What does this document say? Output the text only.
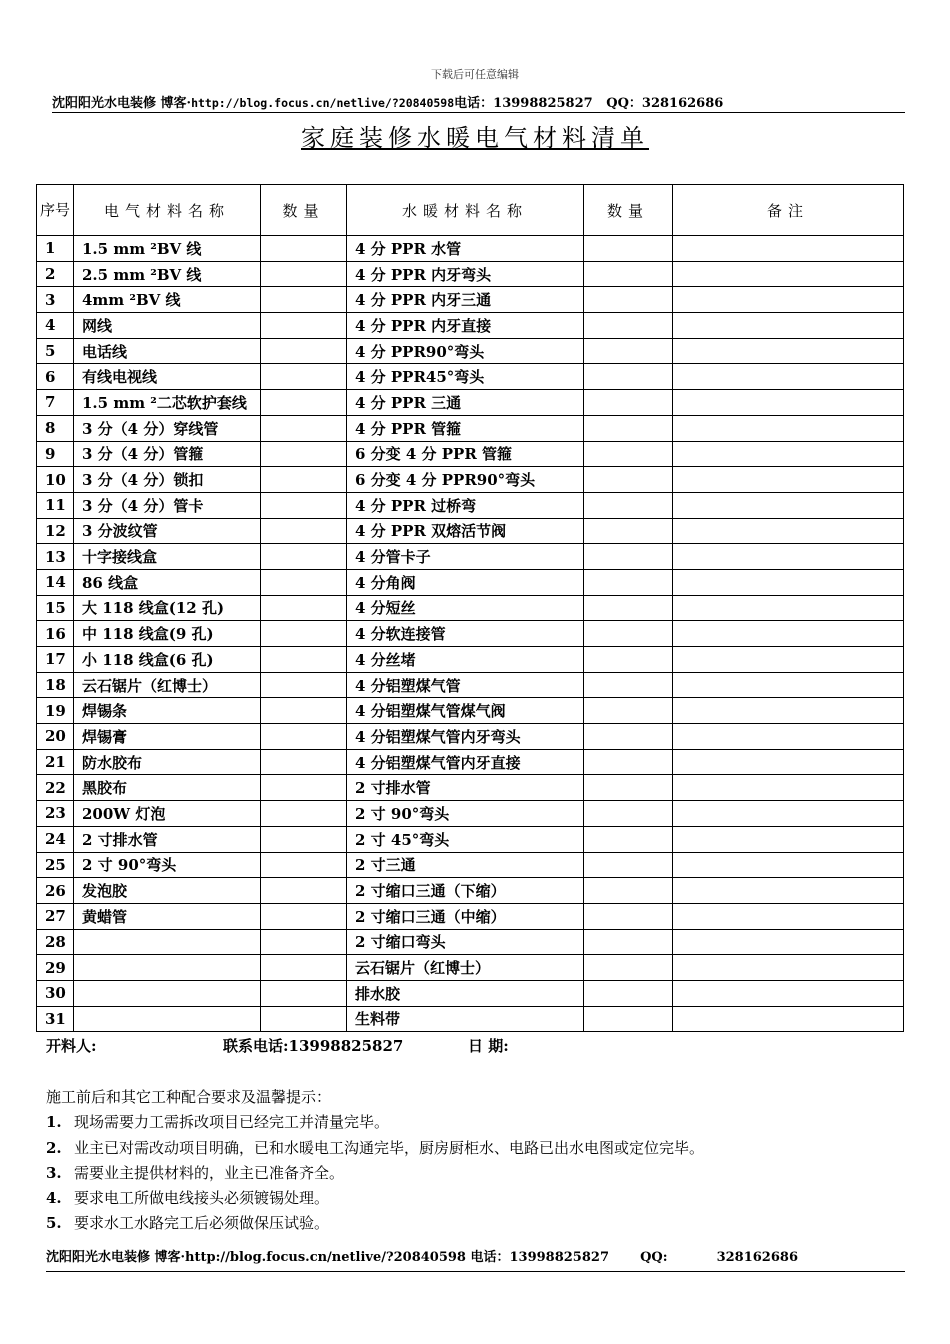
下载后可任意编辑
沈阳阳光水电装修 博客·http://blog.focus.cn/netlive/?20840598电话：13998825827 QQ：328162686
家庭装修水暖电气材料清单
序号	电气材料名称	数量	水暖材料名称	数量	备注
1	1.5 mm ²BV 线		4 分 PPR 水管		
2	2.5 mm ²BV 线		4 分 PPR 内牙弯头		
3	4mm ²BV 线		4 分 PPR 内牙三通		
4	网线		4 分 PPR 内牙直接		
5	电话线		4 分 PPR90°弯头		
6	有线电视线		4 分 PPR45°弯头		
7	1.5 mm ²二芯软护套线		4 分 PPR 三通		
8	3 分（4 分）穿线管		4 分 PPR 管箍		
9	3 分（4 分）管箍		6 分变 4 分 PPR 管箍		
10	3 分（4 分）锁扣		6 分变 4 分 PPR90°弯头		
11	3 分（4 分）管卡		4 分 PPR 过桥弯		
12	3 分波纹管		4 分 PPR 双熔活节阀		
13	十字接线盒		4 分管卡子		
14	86 线盒		4 分角阀		
15	大 118 线盒(12 孔)		4 分短丝		
16	中 118 线盒(9 孔)		4 分软连接管		
17	小 118 线盒(6 孔)		4 分丝堵		
18	云石锯片（红博士）		4 分铝塑煤气管		
19	焊锡条		4 分铝塑煤气管煤气阀		
20	焊锡膏		4 分铝塑煤气管内牙弯头		
21	防水胶布		4 分铝塑煤气管内牙直接		
22	黑胶布		2 寸排水管		
23	200W 灯泡		2 寸 90°弯头		
24	2 寸排水管		2 寸 45°弯头		
25	2 寸 90°弯头		2 寸三通		
26	发泡胶		2 寸缩口三通（下缩）		
27	黄蜡管		2 寸缩口三通（中缩）		
28			2 寸缩口弯头		
29			云石锯片（红博士）		
30			排水胶		
31			生料带		
开料人:	联系电话:13998825827	日 期:
施工前后和其它工种配合要求及温馨提示：
1. 现场需要力工需拆改项目已经完工并清量完毕。
2. 业主已对需改动项目明确，已和水暖电工沟通完毕，厨房厨柜水、电路已出水电图或定位完毕。
3. 需要业主提供材料的，业主已准备齐全。
4. 要求电工所做电线接头必须镀锡处理。
5. 要求水工水路完工后必须做保压试验。
沈阳阳光水电装修 博客·http://blog.focus.cn/netlive/?20840598 电话：13998825827 QQ:	328162686
